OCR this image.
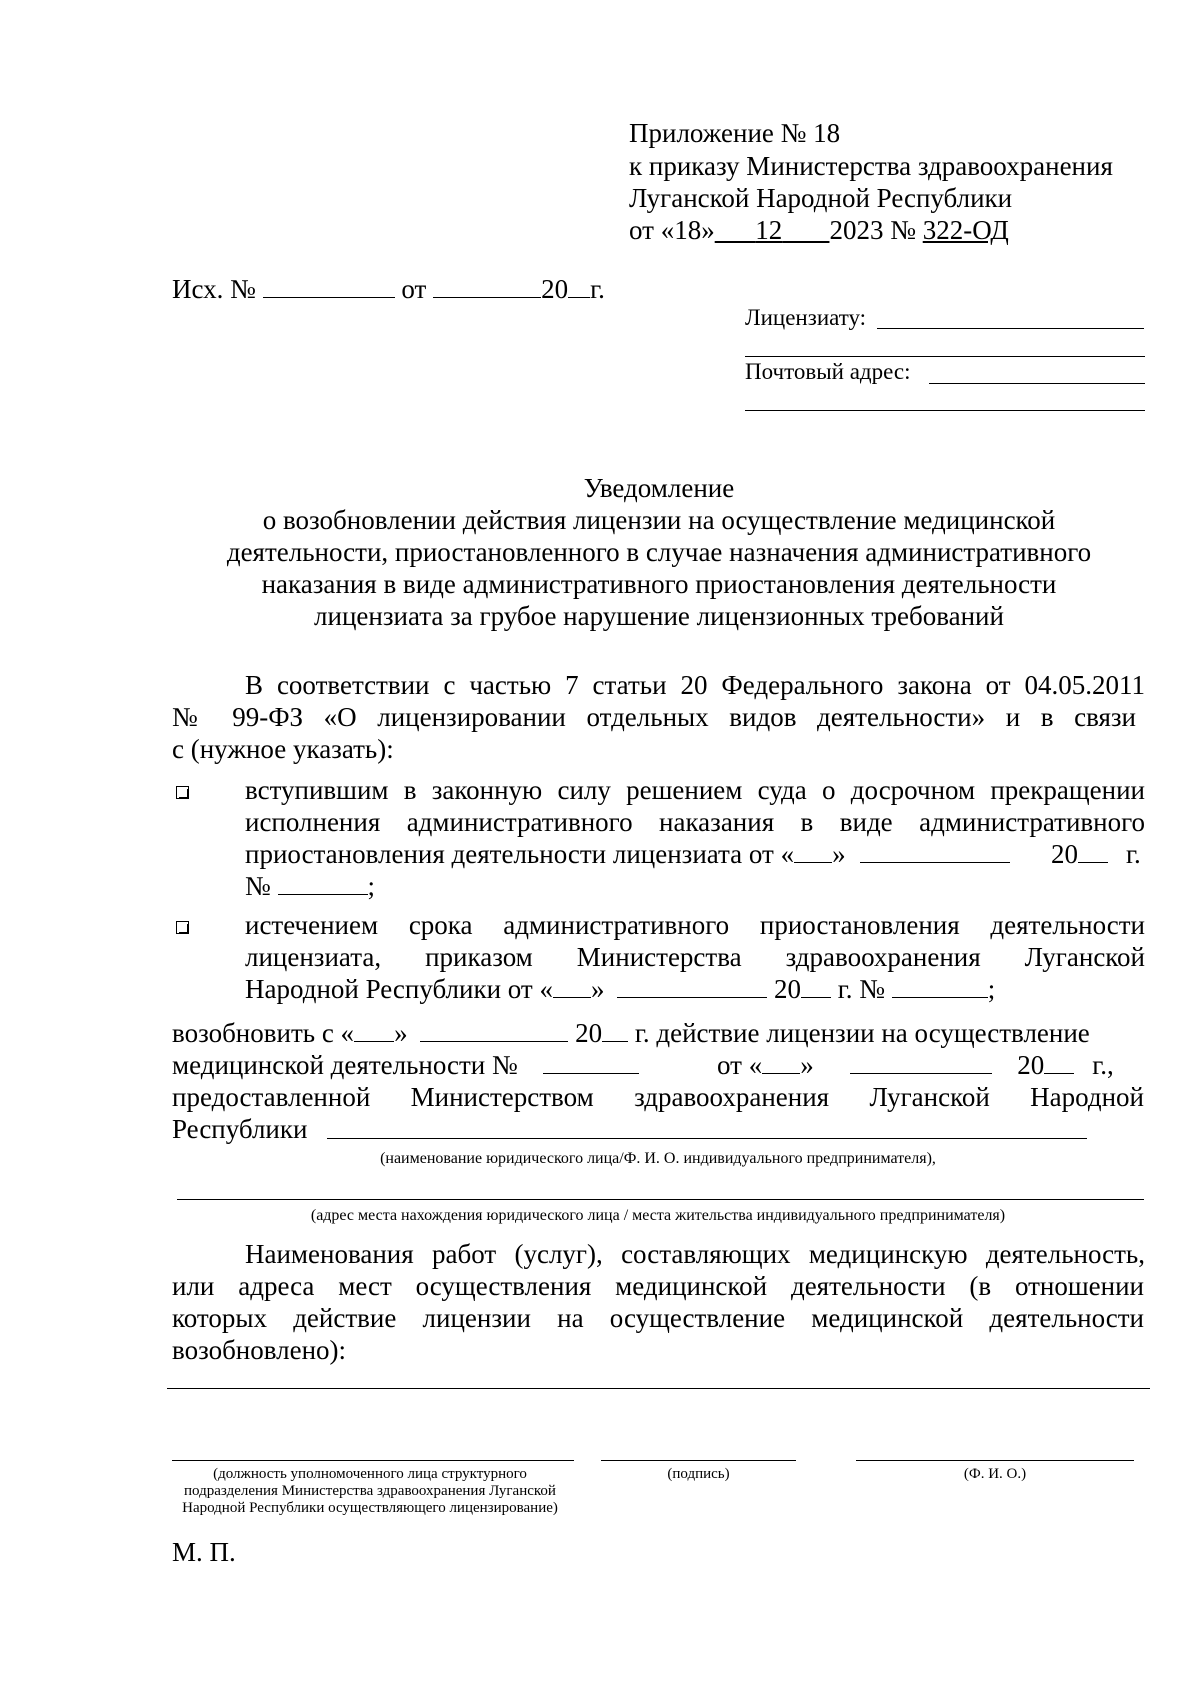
Приложение № 18
к приказу Министерства здравоохранения
Луганской Народной Республики
от «18» 12 2023 № 322-ОД
Исх. №	от	20 г.
Лицензиату:
Почтовый адрес:
Уведомление
о возобновлении действия лицензии на осуществление медицинской
деятельности, приостановленного в случае назначения административного
наказания в виде административного приостановления деятельности
лицензиата за грубое нарушение лицензионных требований
В соответствии с частью 7 статьи 20 Федерального закона от 04.05.2011
№ 99-ФЗ «О лицензировании отдельных видов деятельности» и в связи
с (нужное указать):
вступившим в законную силу решением суда о досрочном прекращении
исполнения административного наказания в виде административного
приостановления деятельности лицензиата от « »	20 г.
№	;
истечением срока административного приостановления деятельности
лицензиата, приказом Министерства здравоохранения Луганской
Народной Республики от « »	20 г. №	;
возобновить с « »	20 г. действие лицензии на осуществление
медицинской деятельности №	от « »	20 г.,
предоставленной Министерством здравоохранения Луганской Народной
Республики
(наименование юридического лица/Ф. И. О. индивидуального предпринимателя),
(адрес места нахождения юридического лица / места жительства индивидуального предпринимателя)
Наименования работ (услуг), составляющих медицинскую деятельность,
или адреса мест осуществления медицинской деятельности (в отношении
которых действие лицензии на осуществление медицинской деятельности
возобновлено):
(должность уполномоченного лица структурного подразделения Министерства здравоохранения Луганской Народной Республики осуществляющего лицензирование)
(подпись)	(Ф. И. О.)
М. П.
